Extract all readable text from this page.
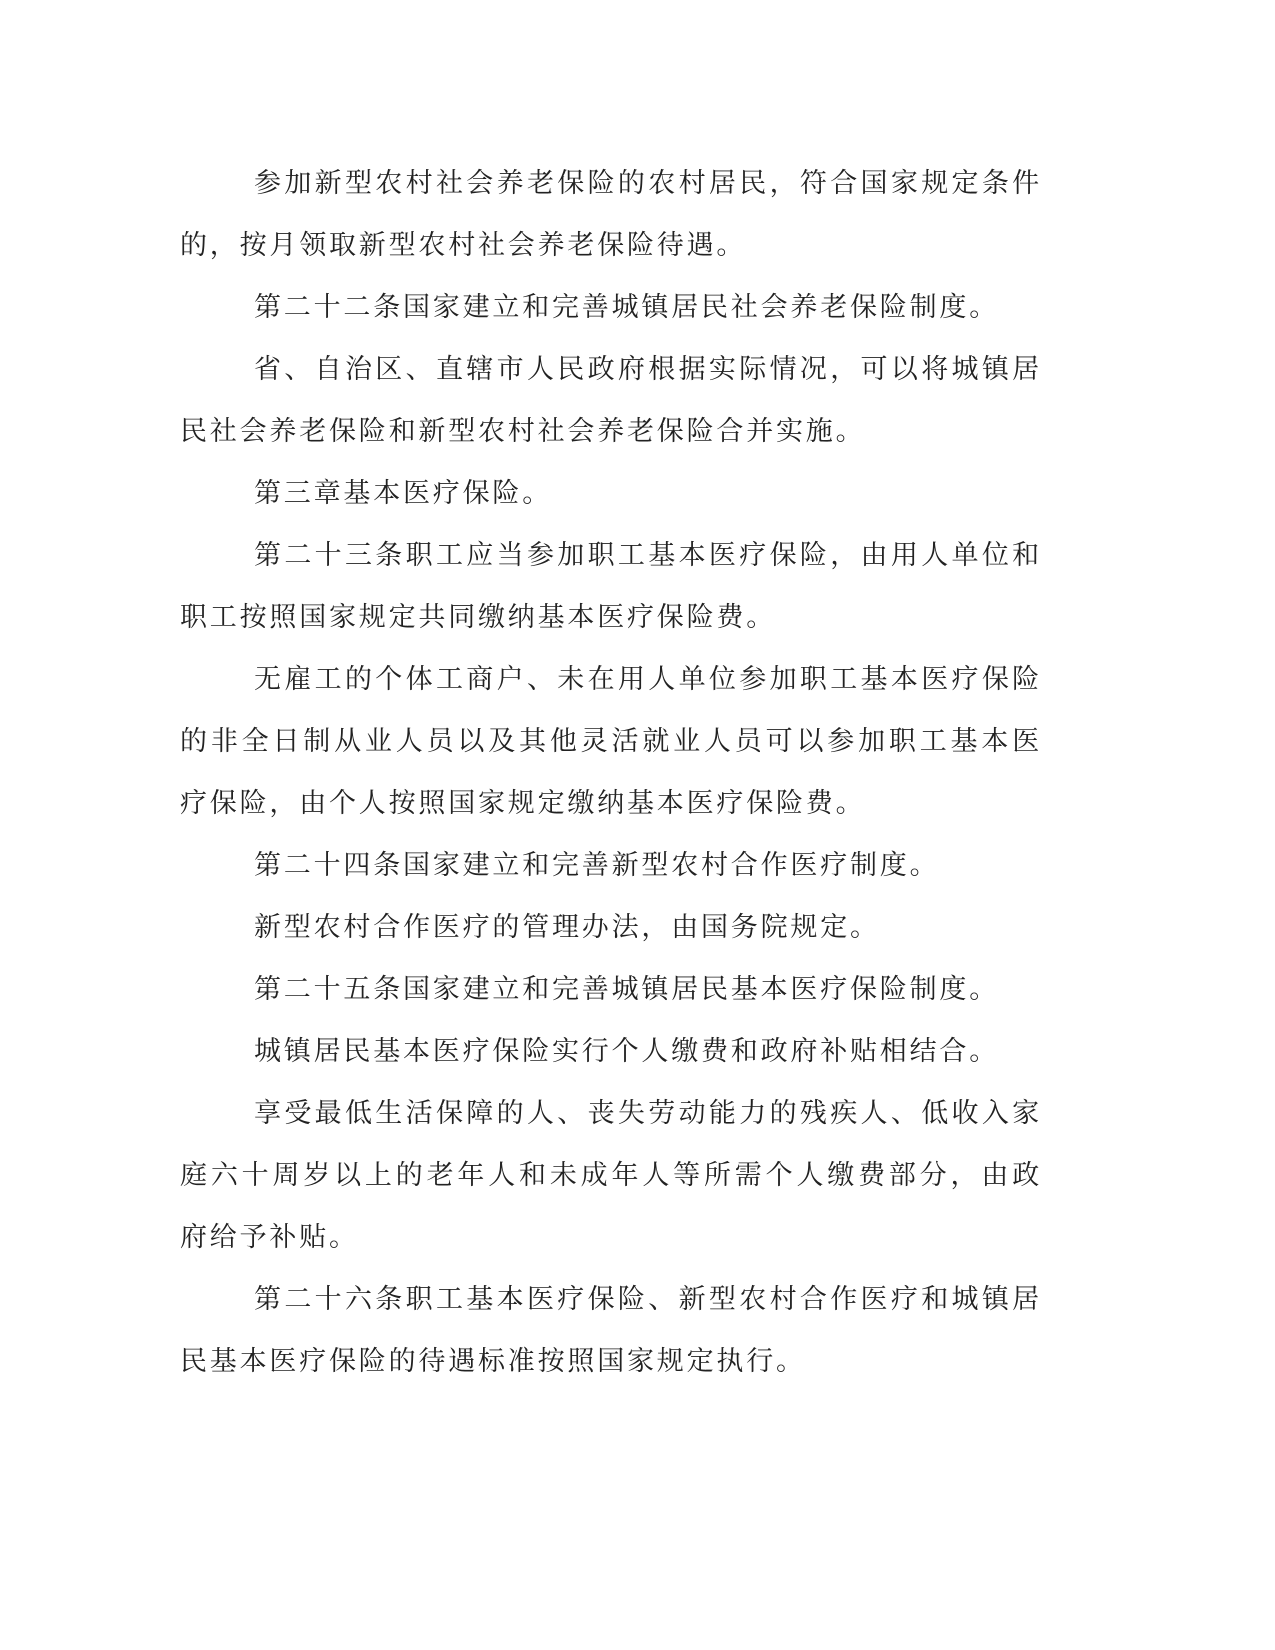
参加新型农村社会养老保险的农村居民，符合国家规定条件的，按月领取新型农村社会养老保险待遇。

第二十二条国家建立和完善城镇居民社会养老保险制度。

省、自治区、直辖市人民政府根据实际情况，可以将城镇居民社会养老保险和新型农村社会养老保险合并实施。

第三章基本医疗保险。

第二十三条职工应当参加职工基本医疗保险，由用人单位和职工按照国家规定共同缴纳基本医疗保险费。

无雇工的个体工商户、未在用人单位参加职工基本医疗保险的非全日制从业人员以及其他灵活就业人员可以参加职工基本医疗保险，由个人按照国家规定缴纳基本医疗保险费。

第二十四条国家建立和完善新型农村合作医疗制度。

新型农村合作医疗的管理办法，由国务院规定。

第二十五条国家建立和完善城镇居民基本医疗保险制度。

城镇居民基本医疗保险实行个人缴费和政府补贴相结合。

享受最低生活保障的人、丧失劳动能力的残疾人、低收入家庭六十周岁以上的老年人和未成年人等所需个人缴费部分，由政府给予补贴。

第二十六条职工基本医疗保险、新型农村合作医疗和城镇居民基本医疗保险的待遇标准按照国家规定执行。
